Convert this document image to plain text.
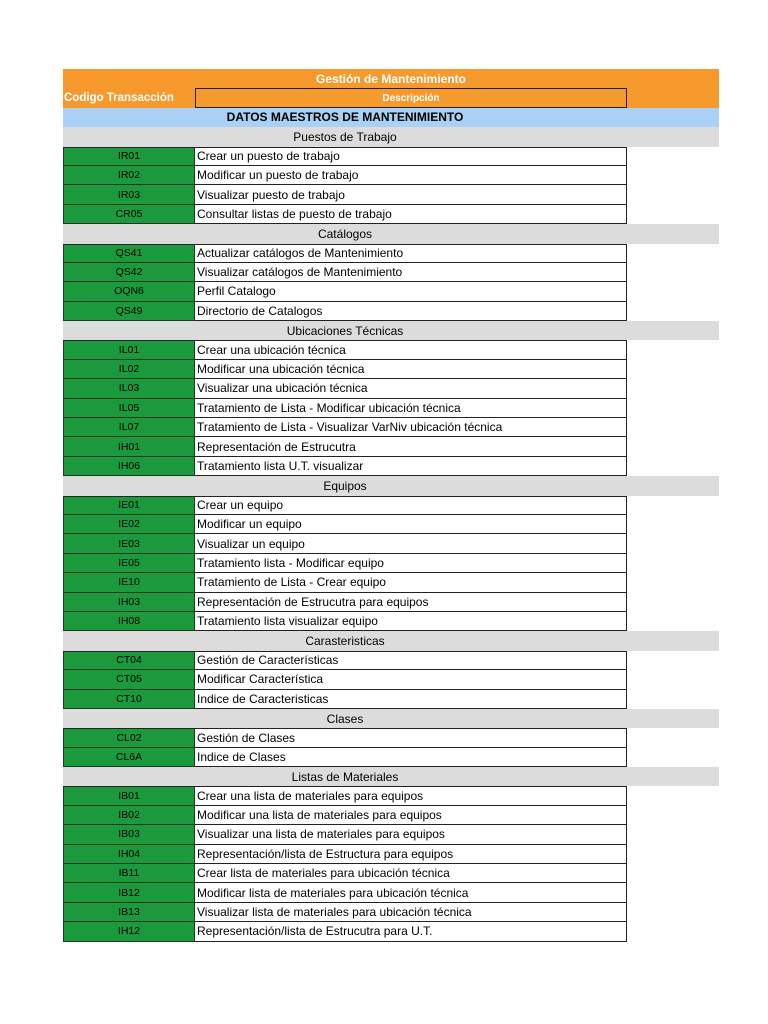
Gestión de Mantenimiento
Codigo Transacción	Descripción
DATOS MAESTROS DE MANTENIMIENTO
Puestos de Trabajo
IR01	Crear un puesto de trabajo
IR02	Modificar un puesto de trabajo
IR03	Visualizar puesto de trabajo
CR05	Consultar listas de puesto de trabajo
Catálogos
QS41	Actualizar catálogos de Mantenimiento
QS42	Visualizar catálogos de Mantenimiento
OQN6	Perfil Catalogo
QS49	Directorio de Catalogos
Ubicaciones Técnicas
IL01	Crear una ubicación técnica
IL02	Modificar una ubicación técnica
IL03	Visualizar una ubicación técnica
IL05	Tratamiento de Lista - Modificar ubicación técnica
IL07	Tratamiento de Lista - Visualizar VarNiv ubicación técnica
IH01	Representación de Estrucutra
IH06	Tratamiento lista U.T. visualizar
Equipos
IE01	Crear un equipo
IE02	Modificar un equipo
IE03	Visualizar un equipo
IE05	Tratamiento lista - Modificar equipo
IE10	Tratamiento de Lista - Crear equipo
IH03	Representación de Estrucutra para equipos
IH08	Tratamiento lista visualizar equipo
Carasteristicas
CT04	Gestión de Características
CT05	Modificar Característica
CT10	Indice de Caracteristicas
Clases
CL02	Gestión de Clases
CL6A	Indice de Clases
Listas de Materiales
IB01	Crear una lista de materiales para equipos
IB02	Modificar una lista de materiales para equipos
IB03	Visualizar una lista de materiales para equipos
IH04	Representación/lista de Estructura para equipos
IB11	Crear lista de materiales para ubicación técnica
IB12	Modificar lista de materiales para ubicación técnica
IB13	Visualizar lista de materiales para ubicación técnica
IH12	Representación/lista de Estrucutra para U.T.
